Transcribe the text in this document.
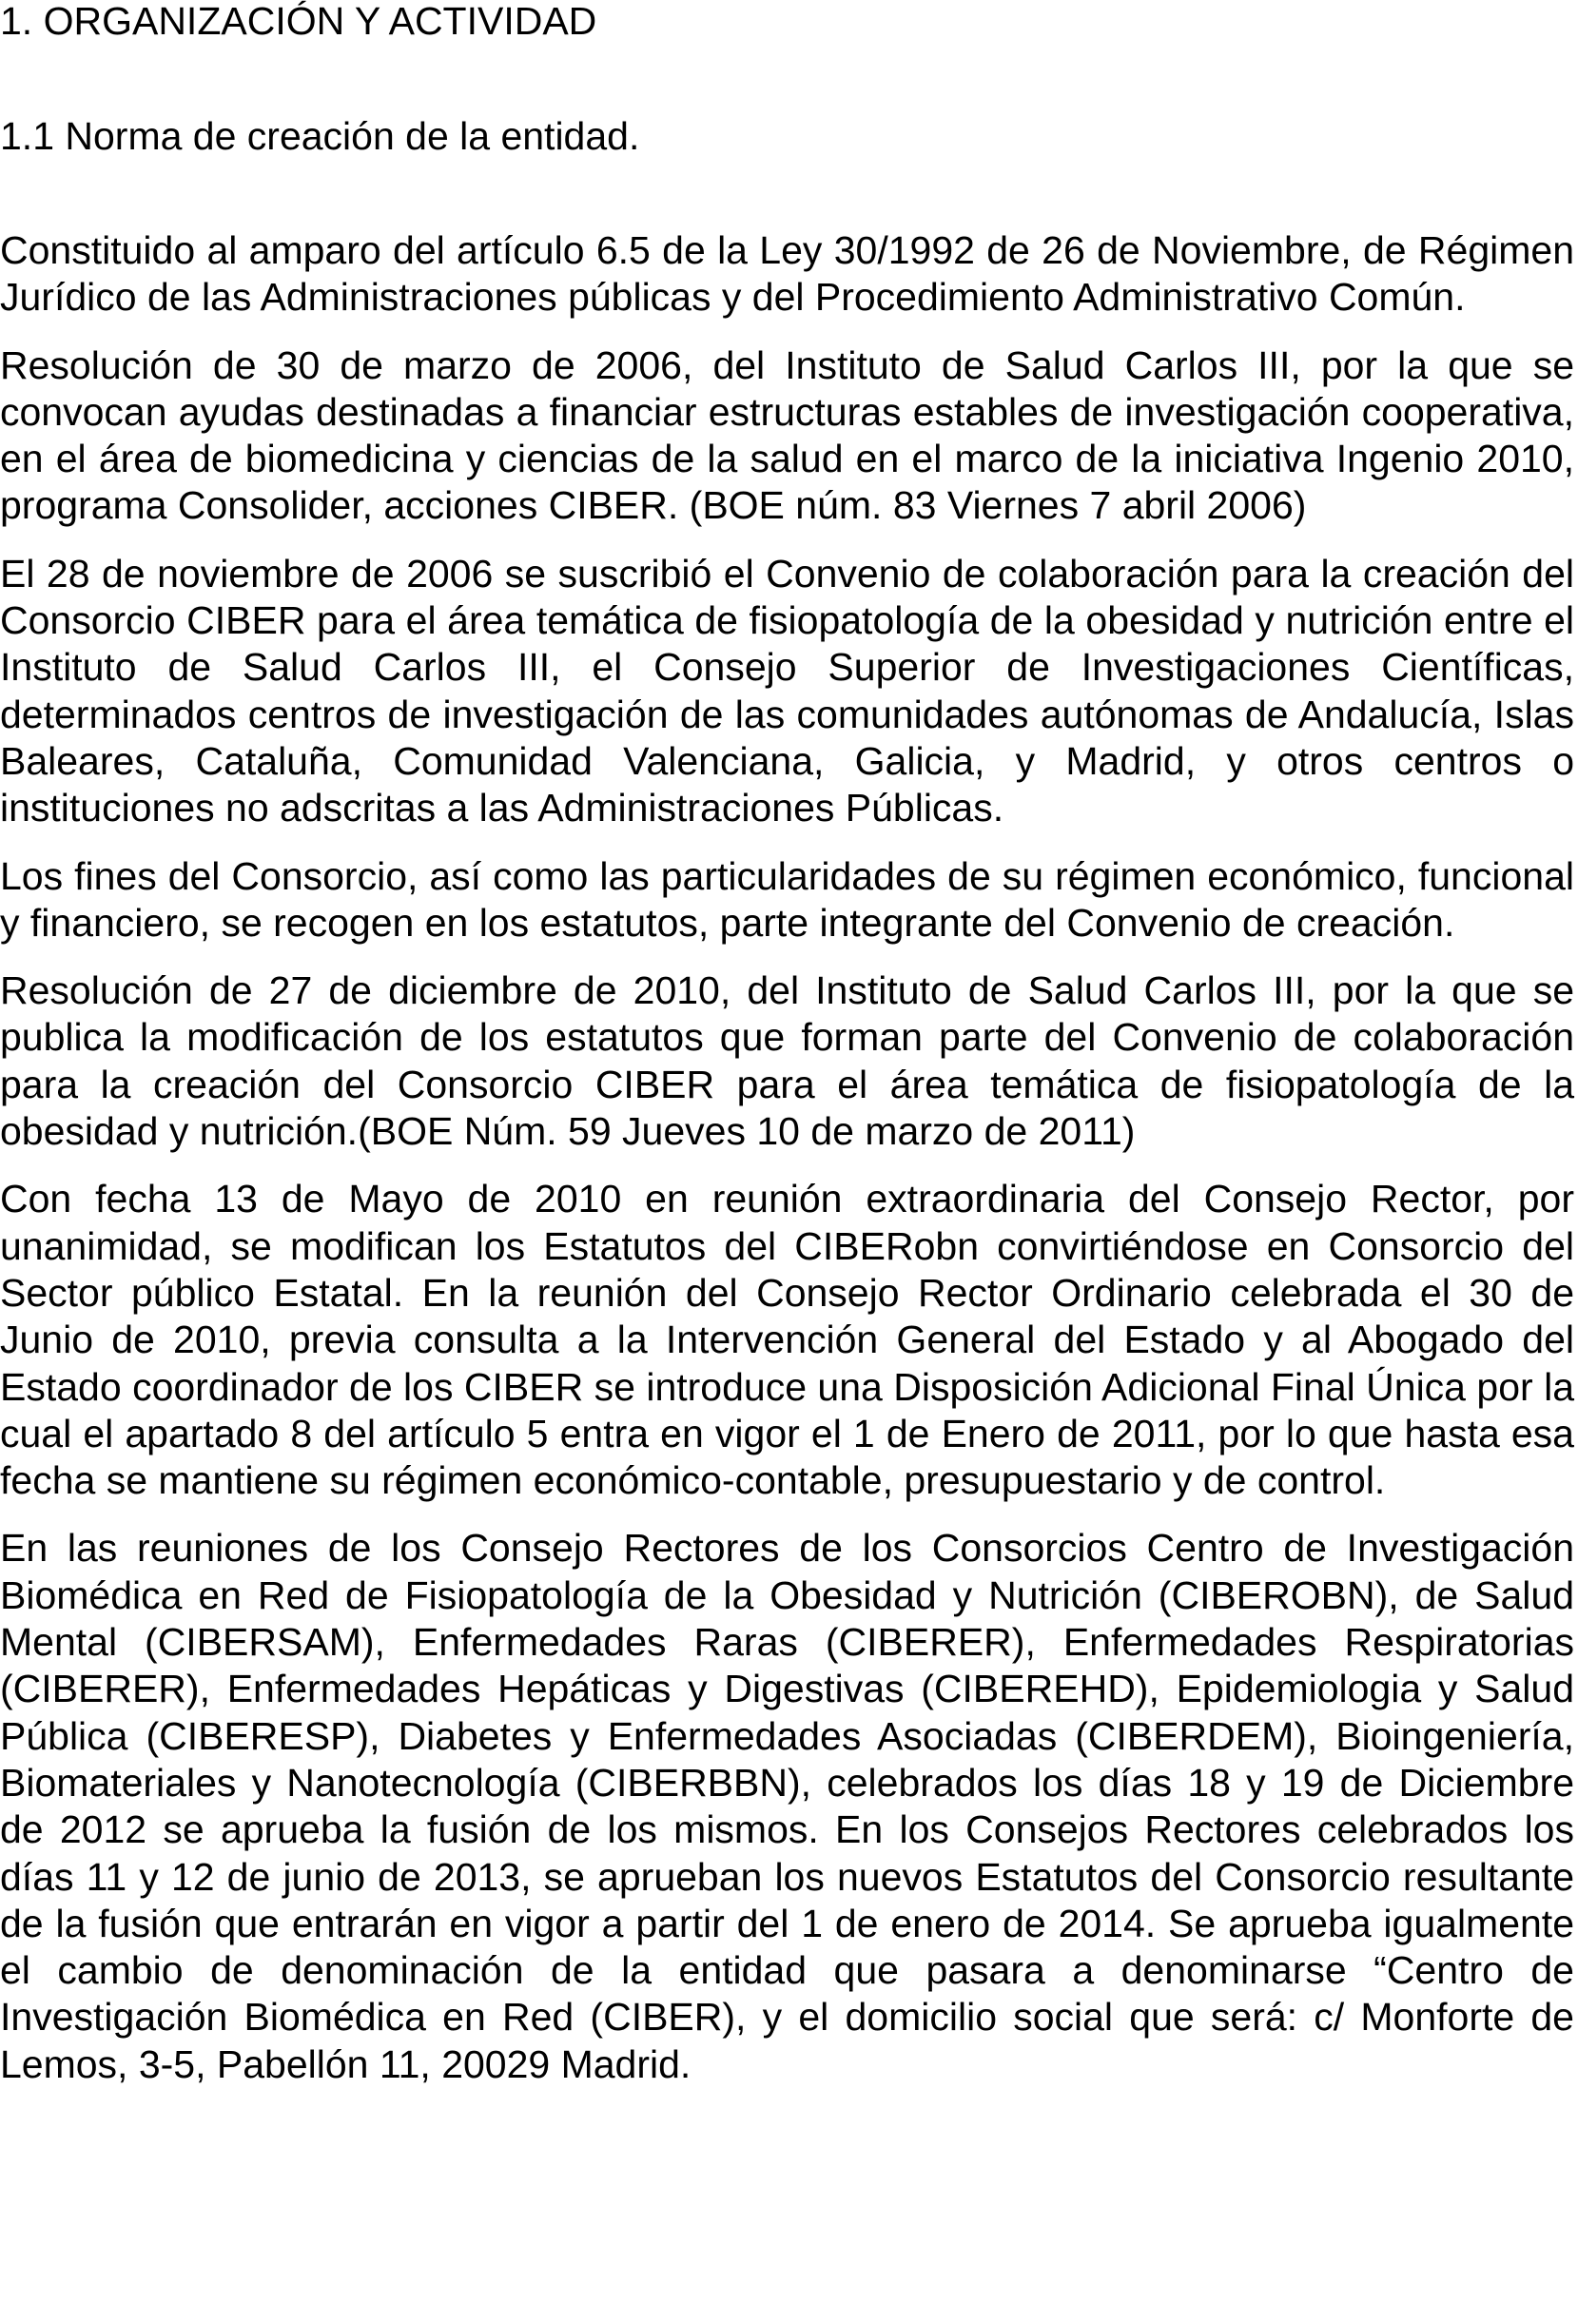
1. ORGANIZACIÓN Y ACTIVIDAD
1.1 Norma de creación de la entidad.

Constituido al amparo del artículo 6.5 de la Ley 30/1992 de 26 de Noviembre, de Régimen Jurídico de las Administraciones públicas y del Procedimiento Administrativo Común.

Resolución de 30 de marzo de 2006, del Instituto de Salud Carlos III, por la que se convocan ayudas destinadas a financiar estructuras estables de investigación cooperativa, en el área de biomedicina y ciencias de la salud en el marco de la iniciativa Ingenio 2010, programa Consolider, acciones CIBER. (BOE núm. 83 Viernes 7 abril 2006)

El 28 de noviembre de 2006 se suscribió el Convenio de colaboración para la creación del Consorcio CIBER para el área temática de fisiopatología de la obesidad y nutrición entre el Instituto de Salud Carlos III, el Consejo Superior de Investigaciones Científicas, determinados centros de investigación de las comunidades autónomas de Andalucía, Islas Baleares, Cataluña, Comunidad Valenciana, Galicia, y Madrid, y otros centros o instituciones no adscritas a las Administraciones Públicas.

Los fines del Consorcio, así como las particularidades de su régimen económico, funcional y financiero, se recogen en los estatutos, parte integrante del Convenio de creación.

Resolución de 27 de diciembre de 2010, del Instituto de Salud Carlos III, por la que se publica la modificación de los estatutos que forman parte del Convenio de colaboración para la creación del Consorcio CIBER para el área temática de fisiopatología de la obesidad y nutrición.(BOE Núm. 59 Jueves 10 de marzo de 2011)

Con fecha 13 de Mayo de 2010 en reunión extraordinaria del Consejo Rector, por unanimidad, se modifican los Estatutos del CIBERobn convirtiéndose en Consorcio del Sector público Estatal. En la reunión del Consejo Rector Ordinario celebrada el 30 de Junio de 2010, previa consulta a la Intervención General del Estado y al Abogado del Estado coordinador de los CIBER se introduce una Disposición Adicional Final Única por la cual el apartado 8 del artículo 5 entra en vigor el 1 de Enero de 2011, por lo que hasta esa fecha se mantiene su régimen económico-contable, presupuestario y de control.

En las reuniones de los Consejo Rectores de los Consorcios Centro de Investigación Biomédica en Red de Fisiopatología de la Obesidad y Nutrición (CIBEROBN), de Salud Mental (CIBERSAM), Enfermedades Raras (CIBERER), Enfermedades Respiratorias (CIBERER), Enfermedades Hepáticas y Digestivas (CIBEREHD), Epidemiologia y Salud Pública (CIBERESP), Diabetes y Enfermedades Asociadas (CIBERDEM), Bioingeniería, Biomateriales y Nanotecnología (CIBERBBN), celebrados los días 18 y 19 de Diciembre de 2012 se aprueba la fusión de los mismos. En los Consejos Rectores celebrados los días 11 y 12 de junio de 2013, se aprueban los nuevos Estatutos del Consorcio resultante de la fusión que entrarán en vigor a partir del 1 de enero de 2014. Se aprueba igualmente el cambio de denominación de la entidad que pasara a denominarse “Centro de Investigación Biomédica en Red (CIBER), y el domicilio social que será: c/ Monforte de Lemos, 3-5, Pabellón 11, 20029 Madrid.
